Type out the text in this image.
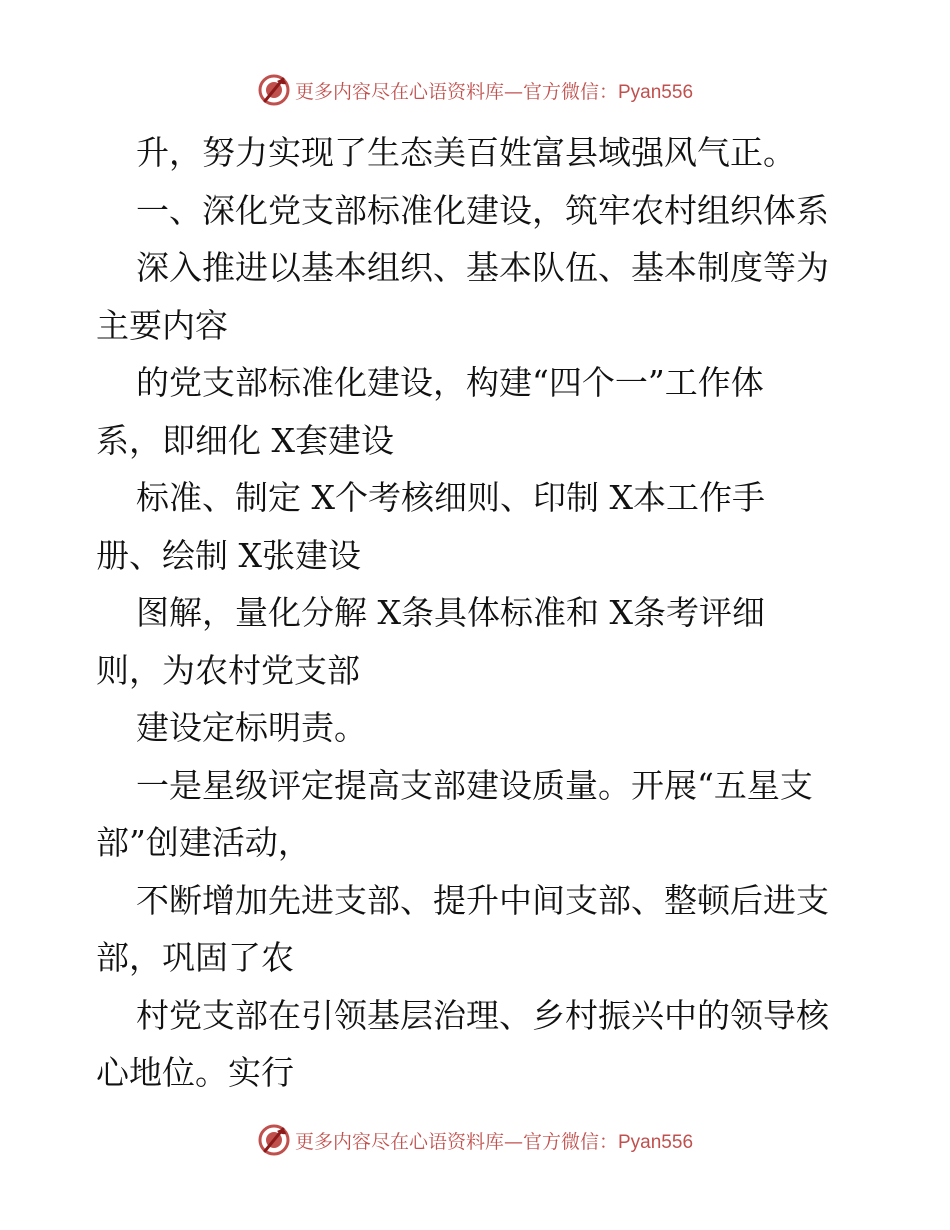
更多内容尽在心语资料库—官方微信：Pyan556
升，努力实现了生态美百姓富县域强风气正。
一、深化党支部标准化建设，筑牢农村组织体系
深入推进以基本组织、基本队伍、基本制度等为
主要内容
的党支部标准化建设，构建“四个一”工作体
系，即细化 X套建设
标准、制定 X个考核细则、印制 X本工作手
册、绘制 X张建设
图解，量化分解 X条具体标准和 X条考评细
则，为农村党支部
建设定标明责。
一是星级评定提高支部建设质量。开展“五星支
部”创建活动，
不断增加先进支部、提升中间支部、整顿后进支
部，巩固了农
村党支部在引领基层治理、乡村振兴中的领导核
心地位。实行
更多内容尽在心语资料库—官方微信：Pyan556
